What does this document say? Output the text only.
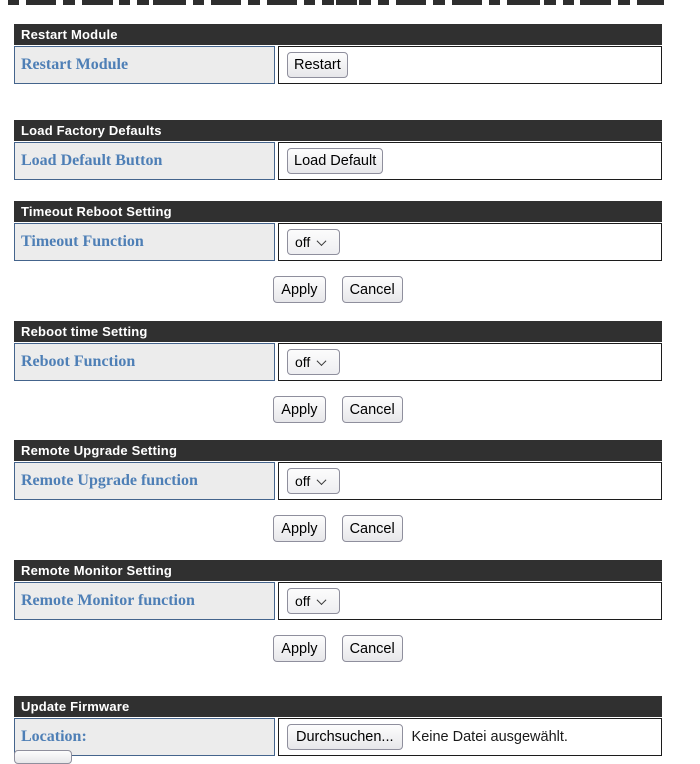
Restart Module
Restart Module	Restart
Load Factory Defaults
Load Default Button	Load Default
Timeout Reboot Setting
Timeout Function	off
Apply	Cancel
Reboot time Setting
Reboot Function	off
Apply	Cancel
Remote Upgrade Setting
Remote Upgrade function	off
Apply	Cancel
Remote Monitor Setting
Remote Monitor function	off
Apply	Cancel
Update Firmware
Location:	Durchsuchen...	Keine Datei ausgewählt.
